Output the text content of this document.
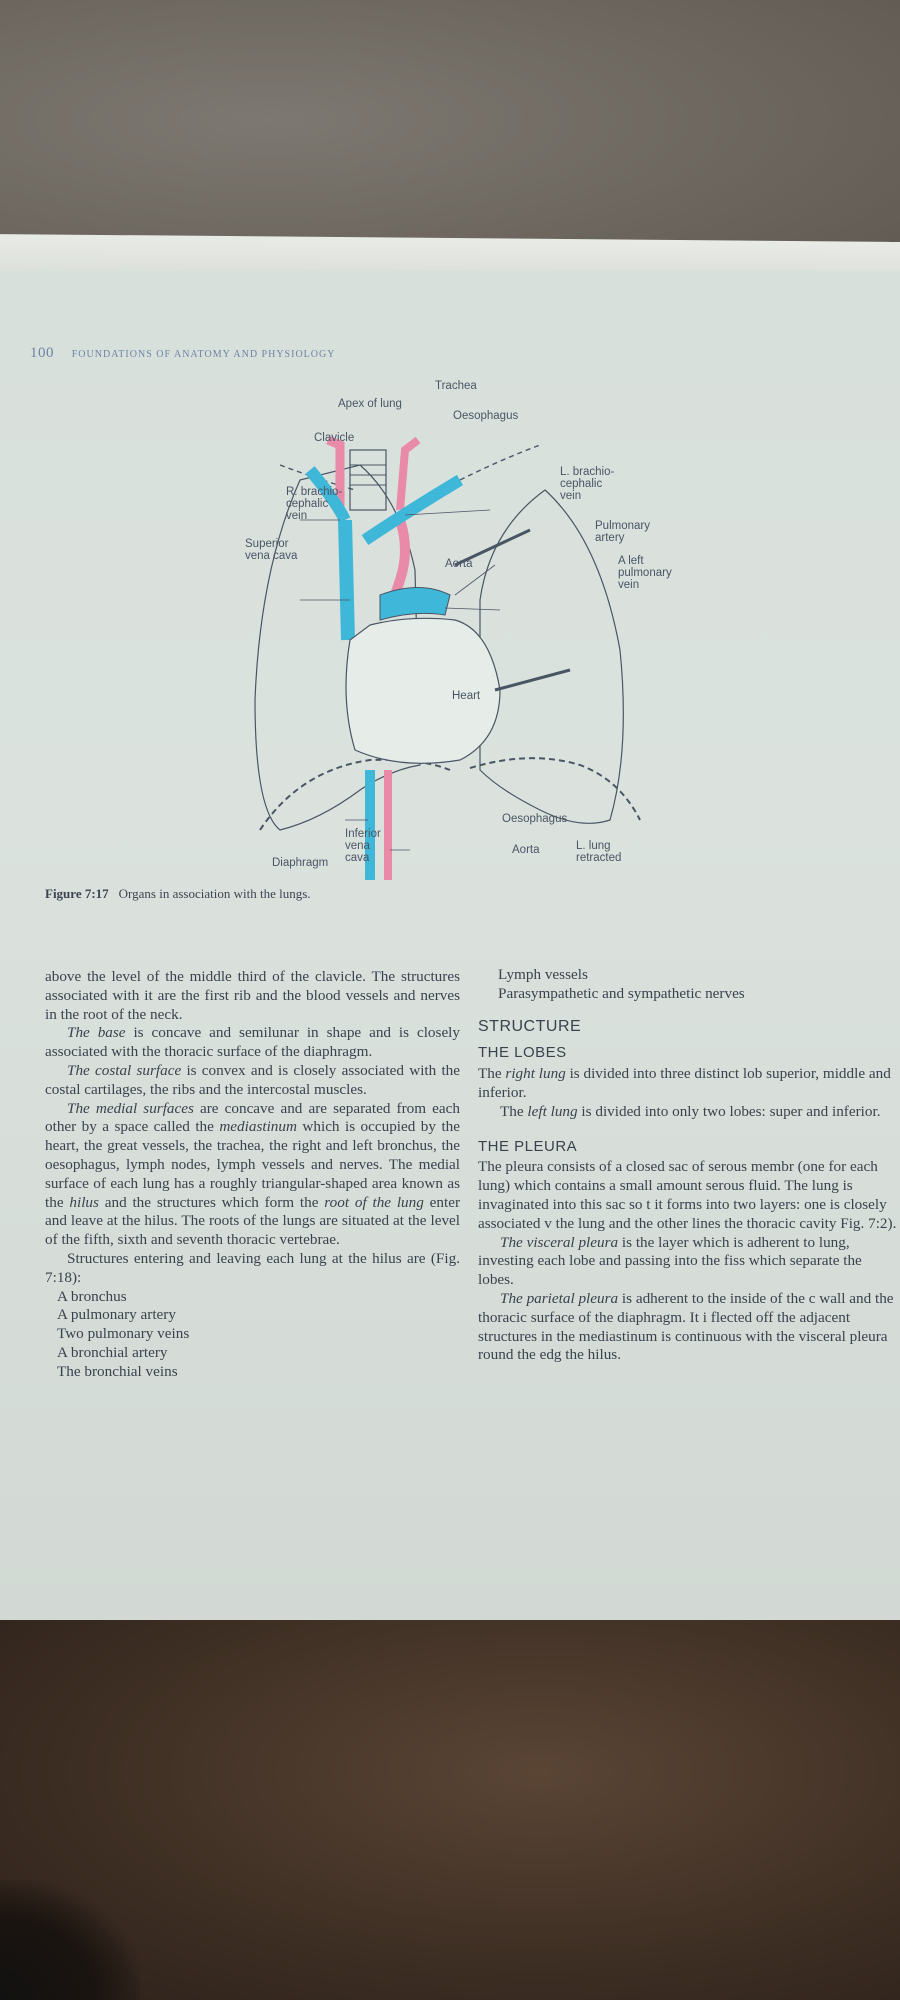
100 FOUNDATIONS OF ANATOMY AND PHYSIOLOGY
Trachea
Apex of lung
Oesophagus
Clavicle
R. brachio-
cephalic
vein
L. brachio-
cephalic
vein
Pulmonary
artery
Superior
vena cava
Aorta	A left
pulmonary
vein
Heart
Oesophagus
Inferior
vena
cava
Diaphragm
Aorta	L. lung
retracted
Figure 7:17 Organs in association with the lungs.

above the level of the middle third of the clavicle. The structures associated with it are the first rib and the blood vessels and nerves in the root of the neck.

The base is concave and semilunar in shape and is closely associated with the thoracic surface of the diaphragm.

The costal surface is convex and is closely associated with the costal cartilages, the ribs and the intercostal muscles.

The medial surfaces are concave and are separated from each other by a space called the mediastinum which is occupied by the heart, the great vessels, the trachea, the right and left bronchus, the oesophagus, lymph nodes, lymph vessels and nerves. The medial surface of each lung has a roughly triangular-shaped area known as the hilus and the structures which form the root of the lung enter and leave at the hilus. The roots of the lungs are situated at the level of the fifth, sixth and seventh thoracic vertebrae.

Structures entering and leaving each lung at the hilus are (Fig. 7:18):

A bronchus

A pulmonary artery

Two pulmonary veins

A bronchial artery

The bronchial veins

Lymph vessels

Parasympathetic and sympathetic nerves

STRUCTURE

THE LOBES

The right lung is divided into three distinct lob superior, middle and inferior.

The left lung is divided into only two lobes: super and inferior.

THE PLEURA

The pleura consists of a closed sac of serous membr (one for each lung) which contains a small amount serous fluid. The lung is invaginated into this sac so t it forms into two layers: one is closely associated v the lung and the other lines the thoracic cavity Fig. 7:2).

The visceral pleura is the layer which is adherent to lung, investing each lobe and passing into the fiss which separate the lobes.

The parietal pleura is adherent to the inside of the c wall and the thoracic surface of the diaphragm. It i flected off the adjacent structures in the mediastinum is continuous with the visceral pleura round the edg the hilus.
